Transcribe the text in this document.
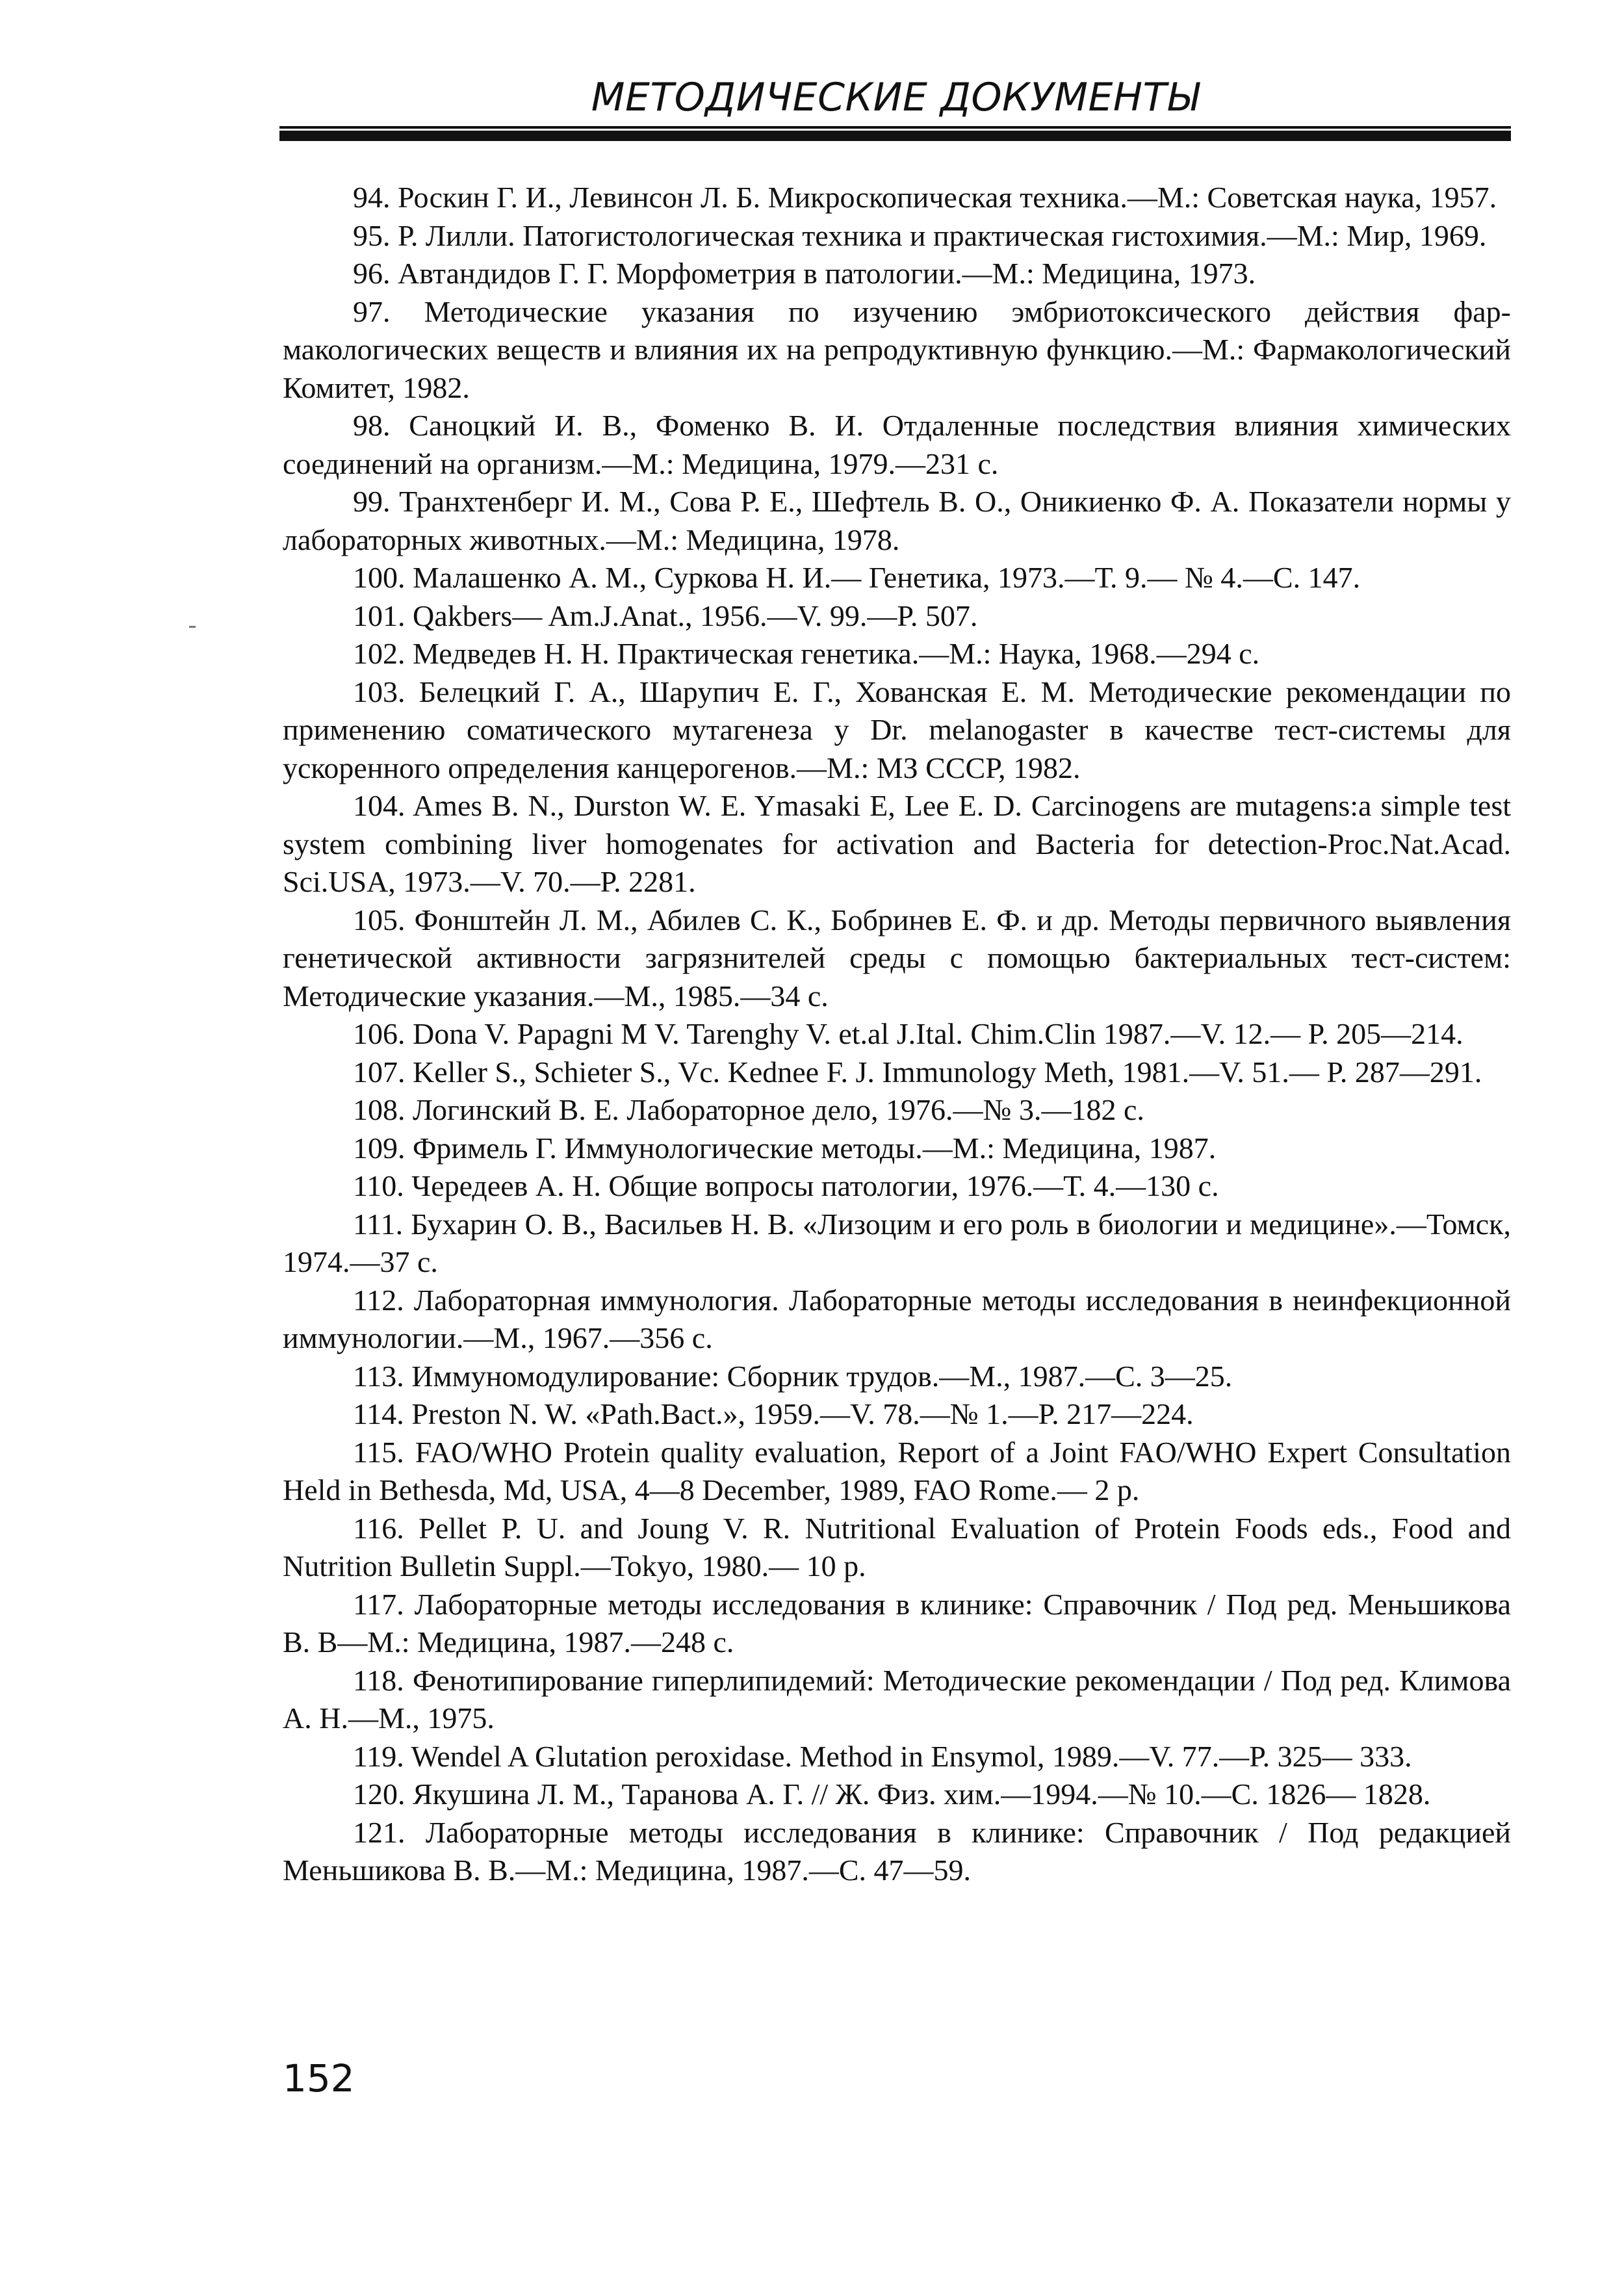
МЕТОДИЧЕСКИЕ ДОКУМЕНТЫ

94. Роскин Г. И., Левинсон Л. Б. Микроскопическая техника.—М.: Советская наука, 1957.

95. Р. Лилли. Патогистологическая техника и практическая гистохимия.—М.: Мир, 1969.

96. Автандидов Г. Г. Морфометрия в патологии.—М.: Медицина, 1973.

97. Методические указания по изучению эмбриотоксического действия фармакологических веществ и влияния их на репродуктивную функцию.—М.: Фармакологический Комитет, 1982.

98. Саноцкий И. В., Фоменко В. И. Отдаленные последствия влияния химических соединений на организм.—М.: Медицина, 1979.—231 с.

99. Транхтенберг И. М., Сова Р. Е., Шефтель В. О., Оникиенко Ф. А. Показатели нормы у лабораторных животных.—М.: Медицина, 1978.

100. Малашенко А. М., Суркова Н. И.— Генетика, 1973.—Т. 9.— № 4.—С. 147.

101. Qakbers— Am.J.Anat., 1956.—V. 99.—P. 507.

102. Медведев Н. Н. Практическая генетика.—М.: Наука, 1968.—294 с.

103. Белецкий Г. А., Шарупич Е. Г., Хованская Е. М. Методические рекомендации по применению соматического мутагенеза у Dr. melanogaster в качестве тест-системы для ускоренного определения канцерогенов.—М.: МЗ СССР, 1982.

104. Ames B. N., Durston W. E. Ymasaki E, Lee E. D. Carcinogens are mutagens:a simple test system combining liver homogenates for activation and Bacteria for detection-Proc.Nat.Acad. Sci.USA, 1973.—V. 70.—P. 2281.

105. Фонштейн Л. М., Абилев С. К., Бобринев Е. Ф. и др. Методы первичного выявления генетической активности загрязнителей среды с помощью бактериальных тест-систем: Методические указания.—М., 1985.—34 с.

106. Dona V. Papagni M V. Tarenghy V. et.al J.Ital. Chim.Clin 1987.—V. 12.— P. 205—214.

107. Keller S., Schieter S., Vc. Kednee F. J. Immunology Meth, 1981.—V. 51.— P. 287—291.

108. Логинский В. Е. Лабораторное дело, 1976.—№ 3.—182 с.

109. Фримель Г. Иммунологические методы.—М.: Медицина, 1987.

110. Чередеев А. Н. Общие вопросы патологии, 1976.—Т. 4.—130 с.

111. Бухарин О. В., Васильев Н. В. «Лизоцим и его роль в биологии и медицине».—Томск, 1974.—37 с.

112. Лабораторная иммунология. Лабораторные методы исследования в неинфекционной иммунологии.—М., 1967.—356 с.

113. Иммуномодулирование: Сборник трудов.—М., 1987.—С. 3—25.

114. Preston N. W. «Path.Bact.», 1959.—V. 78.—№ 1.—P. 217—224.

115. FAO/WHO Protein quality evaluation, Report of a Joint FAO/WHO Expert Consultation Held in Bethesda, Md, USA, 4—8 December, 1989, FAO Rome.— 2 p.

116. Pellet P. U. and Joung V. R. Nutritional Evaluation of Protein Foods eds., Food and Nutrition Bulletin Suppl.—Tokyo, 1980.— 10 p.

117. Лабораторные методы исследования в клинике: Справочник / Под ред. Меньшикова В. В—М.: Медицина, 1987.—248 с.

118. Фенотипирование гиперлипидемий: Методические рекомендации / Под ред. Климова А. Н.—М., 1975.

119. Wendel A Glutation peroxidase. Method in Ensymol, 1989.—V. 77.—P. 325— 333.

120. Якушина Л. М., Таранова А. Г. // Ж. Физ. хим.—1994.—№ 10.—С. 1826— 1828.

121. Лабораторные методы исследования в клинике: Справочник / Под редакцией Меньшикова В. В.—М.: Медицина, 1987.—С. 47—59.

152
